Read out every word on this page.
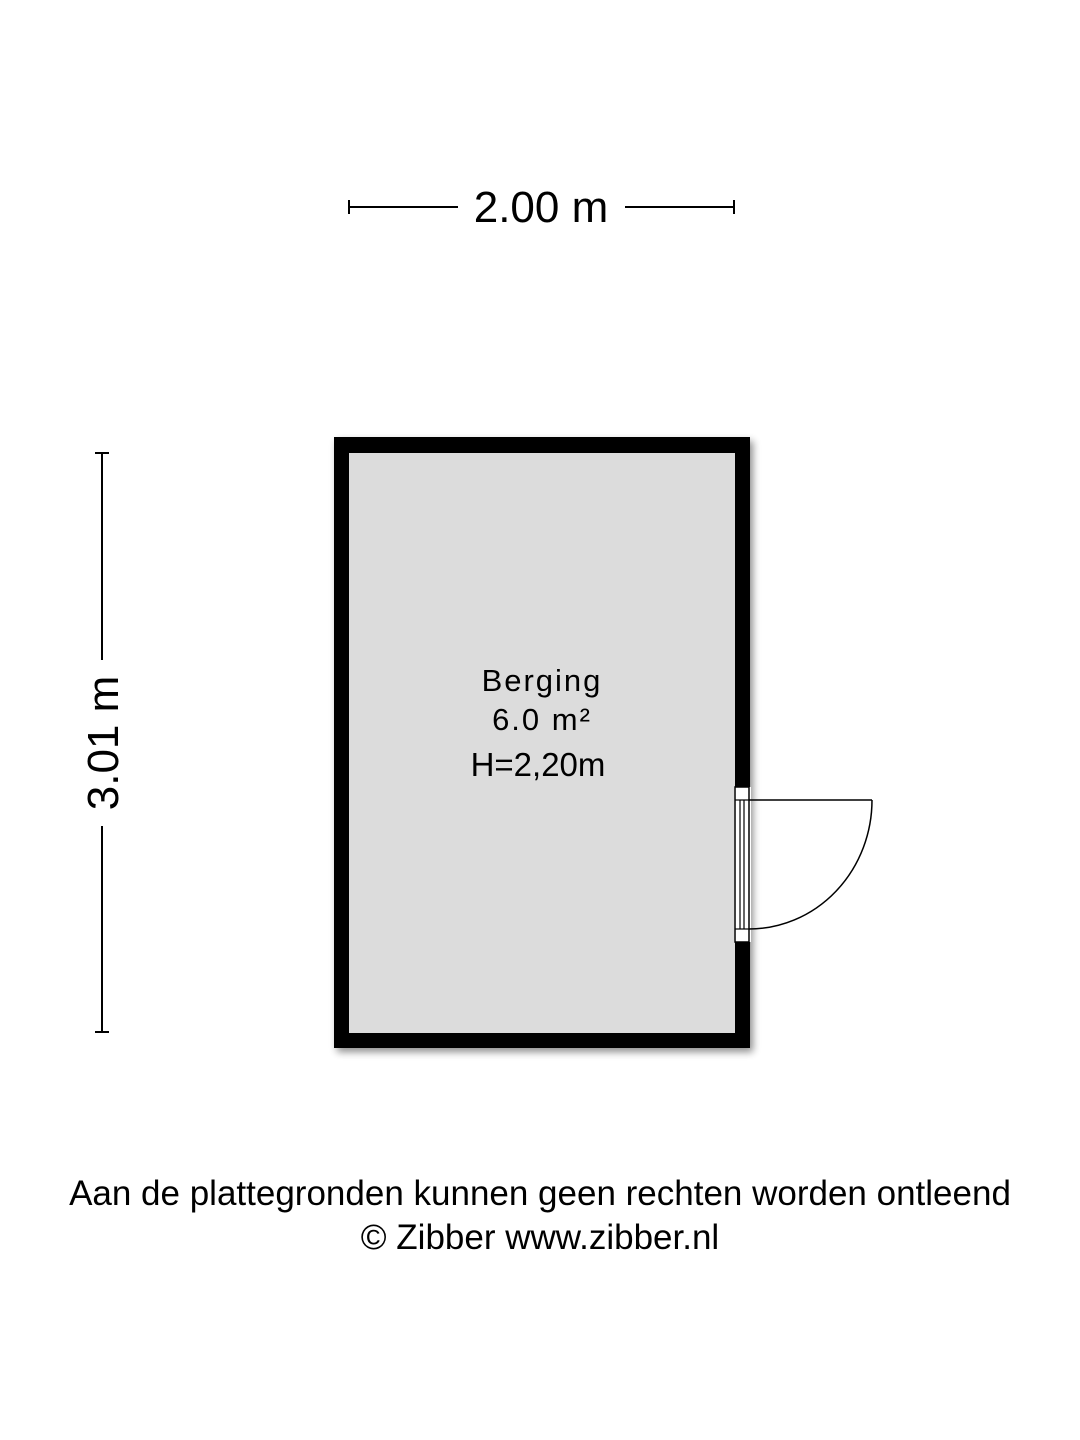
2.00 m
3.01 m	Berging
6.0 m²
H=2,20m
Aan de plattegronden kunnen geen rechten worden ontleend
© Zibber www.zibber.nl
